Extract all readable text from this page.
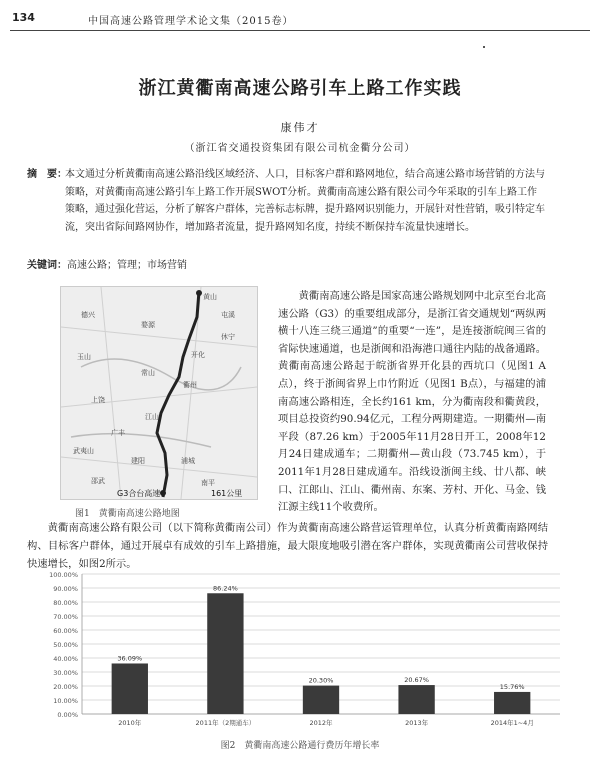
134	中国高速公路管理学术论文集（2015卷）
浙江黄衢南高速公路引车上路工作实践
康伟才
（浙江省交通投资集团有限公司杭金衢分公司）
摘　要：

本文通过分析黄衢南高速公路沿线区域经济、人口，目标客户群和路网地位，结合高速公路市场营销的方法与策略，对黄衢南高速公路引车上路工作开展SWOT分析。黄衢南高速公路有限公司今年采取的引车上路工作策略，通过强化营运，分析了解客户群体，完善标志标牌，提升路网识别能力，开展针对性营销，吸引特定车流，突出省际间路网协作，增加路者流量，提升路网知名度，持续不断保持车流量快速增长。

关键词：高速公路；管理；市场营销
黄山
屯溪
婺源
开化
常山
衢州
江山
上饶
广丰
浦城
邵武	南平
建阳
武夷山
玉山
G3合台高速	161公里
休宁
德兴
图1　黄衢南高速公路地图

黄衢南高速公路是国家高速公路规划网中北京至台北高速公路（G3）的重要组成部分，是浙江省交通规划“两纵两横十八连三绕三通道”的重要“一连”，是连接浙皖闽三省的省际快速通道，也是浙闽和沿海港口通往内陆的战备通路。黄衢南高速公路起于皖浙省界开化县的西坑口（见图1 A点），终于浙闽省界上巾竹附近（见图1 B点），与福建的浦南高速公路相连，全长约161 km，分为衢南段和衢黄段，项目总投资约90.94亿元，工程分两期建造。一期衢州—南平段（87.26 km）于2005年11月28日开工，2008年12月24日建成通车；二期衢州—黄山段（73.745 km），于2011年1月28日建成通车。沿线设浙闽主线、廿八都、峡口、江郎山、江山、衢州南、东案、芳村、开化、马金、钱江源主线11个收费所。

黄衢南高速公路有限公司（以下简称黄衢南公司）作为黄衢南高速公路营运管理单位，认真分析黄衢南路网结构、目标客户群体，通过开展卓有成效的引车上路措施，最大限度地吸引潜在客户群体，实现黄衢南公司营收保持快速增长，如图2所示。

0.00%
10.00%
20.00%
30.00%
40.00%
50.00%
60.00%
70.00%
80.00%
90.00%
100.00%
36.09%
2010年
86.24%
2011年（2期通车）
20.30%
2012年
20.67%
2013年
15.76%
2014年1~4月
图2　黄衢南高速公路通行费历年增长率
